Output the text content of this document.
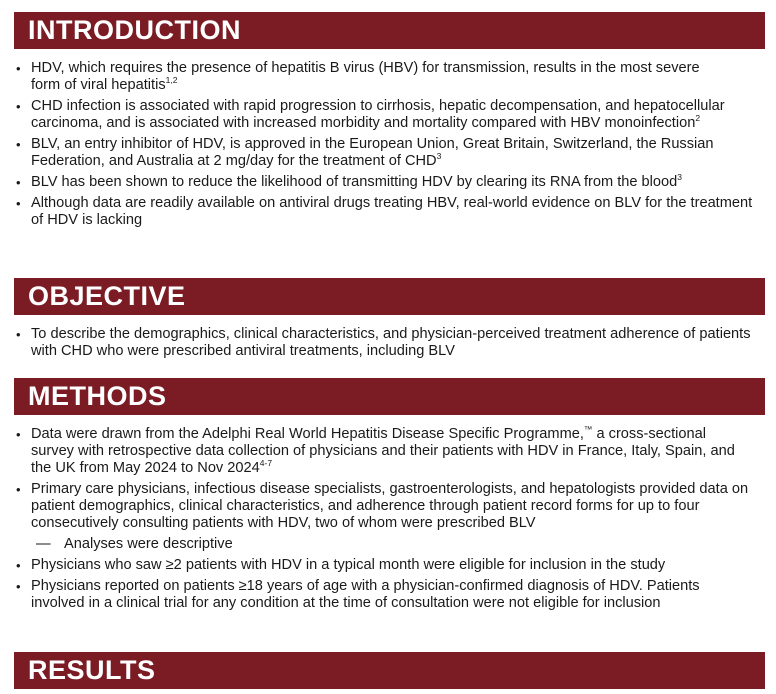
INTRODUCTION
• HDV, which requires the presence of hepatitis B virus (HBV) for transmission, results in the most severe form of viral hepatitis$^{1,2}$
• CHD infection is associated with rapid progression to cirrhosis, hepatic decompensation, and hepatocellular carcinoma, and is associated with increased morbidity and mortality compared with HBV monoinfection$^2$
• BLV, an entry inhibitor of HDV, is approved in the European Union, Great Britain, Switzerland, the Russian Federation, and Australia at 2 mg/day for the treatment of CHD$^3$
• BLV has been shown to reduce the likelihood of transmitting HDV by clearing its RNA from the blood$^3$
• Although data are readily available on antiviral drugs treating HBV, real-world evidence on BLV for the treatment of HDV is lacking
OBJECTIVE
• To describe the demographics, clinical characteristics, and physician-perceived treatment adherence of patients with CHD who were prescribed antiviral treatments, including BLV
METHODS
• Data were drawn from the Adelphi Real World Hepatitis Disease Specific Programme,™ a cross-sectional survey with retrospective data collection of physicians and their patients with HDV in France, Italy, Spain, and the UK from May 2024 to Nov 2024$^{4-7}$
• Primary care physicians, infectious disease specialists, gastroenterologists, and hepatologists provided data on patient demographics, clinical characteristics, and adherence through patient record forms for up to four consecutively consulting patients with HDV, two of whom were prescribed BLV
— Analyses were descriptive
• Physicians who saw ≥2 patients with HDV in a typical month were eligible for inclusion in the study
• Physicians reported on patients ≥18 years of age with a physician-confirmed diagnosis of HDV. Patients involved in a clinical trial for any condition at the time of consultation were not eligible for inclusion
RESULTS
